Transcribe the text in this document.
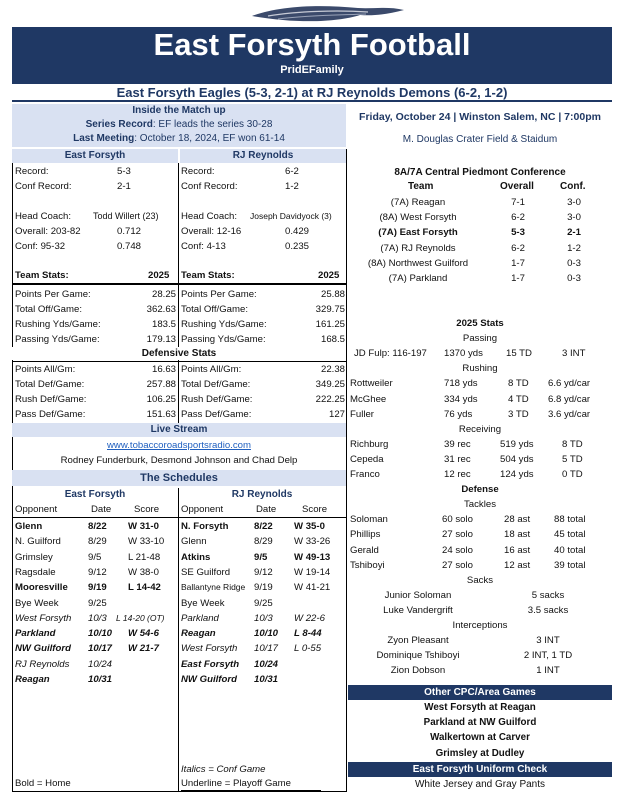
East Forsyth Football
PridEFamily
East Forsyth Eagles (5-3, 2-1) at RJ Reynolds Demons (6-2, 1-2)
Inside the Match up
Series Record: EF leads the series 30-28
Last Meeting: October 18, 2024, EF won 61-14
Friday, October 24 | Winston Salem, NC | 7:00pm
M. Douglas Crater Field & Staidum
East Forsyth	RJ Reynolds
Record:	5-3	Record:	6-2
Conf Record:	2-1	Conf Record:	1-2
Head Coach: Todd Willert (23) Head Coach: Joseph Davidyock (3)
Overall: 203-82	0.712	Overall: 12-16	0.429
Conf: 95-32	0.748	Conf: 4-13	0.235
Team Stats:	2025 Team Stats:	2025
Points Per Game:	28.25 Points Per Game:	25.88
Total Off/Game:	362.63 Total Off/Game:	329.75
Rushing Yds/Game:	183.5 Rushing Yds/Game:	161.25
Passing Yds/Game:	179.13 Passing Yds/Game:	168.5
Defensive Stats
Points All/Gm:	16.63 Points All/Gm:	22.38
Total Def/Game:	257.88 Total Def/Game:	349.25
Rush Def/Game:	106.25 Rush Def/Game:	222.25
Pass Def/Game:	151.63 Pass Def/Game:	127
Live Stream
www.tobaccoroadsportsradio.com
Rodney Funderburk, Desmond Johnson and Chad Delp
The Schedules
East Forsyth	RJ Reynolds
Opponent	Date Score Opponent	Date	Score
Glenn	8/22 W 31-0
N. Guilford	8/29 W 33-10
Grimsley	9/5	L 21-48
Ragsdale	9/12 W 38-0
Mooresville 9/19 L 14-42
Bye Week	9/25
West Forsyth 10/3 L 14-20 (OT)
Parkland	10/10 W 54-6
NW Guilford 10/17 W 21-7
RJ Reynolds 10/24
Reagan	10/31
N. Forsyth	8/22 W 35-0
Glenn	8/29 W 33-26
Atkins	9/5	W 49-13
SE Guilford 9/12 W 19-14
Ballantyne Ridge 9/19 W 41-21
Bye Week	9/25
Parkland	10/3 W 22-6
Reagan	10/10 L 8-44
West Forsyth 10/17 L 0-55
East Forsyth 10/24
NW Guilford 10/31
Italics = Conf Game
Bold = Home	Underline = Playoff Game
8A/7A Central Piedmont Conference
Team	Overall	Conf.
(7A) Reagan	7-1	3-0
(8A) West Forsyth	6-2	3-0
(7A) East Forsyth	5-3	2-1
(7A) RJ Reynolds	6-2	1-2
(8A) Northwest Guilford	1-7	0-3
(7A) Parkland	1-7	0-3
2025 Stats
Passing
JD Fulp: 116-197 1370 yds 15 TD	3 INT
Rushing
Rottweiler	718 yds	8 TD 6.6 yd/car
McGhee	334 yds	4 TD 6.8 yd/car
Fuller	76 yds	3 TD 3.6 yd/car
Receiving
Richburg	39 rec	519 yds	8 TD
Cepeda	31 rec	504 yds	5 TD
Franco	12 rec	124 yds	0 TD
Defense
Tackles
Soloman	60 solo	28 ast 88 total
Phillips	27 solo	18 ast 45 total
Gerald	24 solo	16 ast 40 total
Tshiboyi	27 solo	12 ast 39 total
Sacks
Junior Soloman	5 sacks
Luke Vandergrift	3.5 sacks
Interceptions
Zyon Pleasant	3 INT
Dominique Tshiboyi	2 INT, 1 TD
Zion Dobson	1 INT
Other CPC/Area Games
West Forsyth at Reagan
Parkland at NW Guilford
Walkertown at Carver
Grimsley at Dudley
East Forsyth Uniform Check
White Jersey and Gray Pants
